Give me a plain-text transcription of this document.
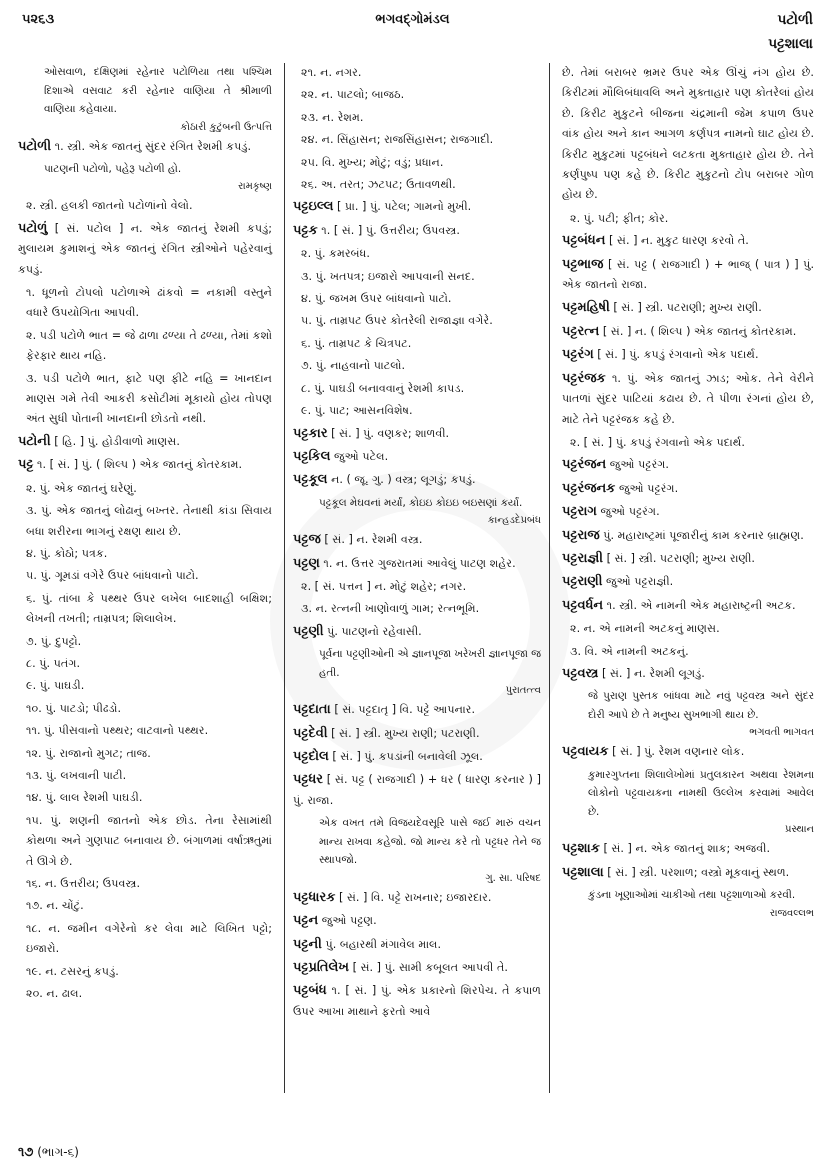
૫૨૬૩	ભગવદ્ગોમંડલ	પટોળી
પટ્ટશાલા
ઓસવાળ, દક્ષિણમાં રહેનાર પટોળિયા તથા પશ્ચિમ દિશાએ વસવાટ કરી રહેનાર વાણિયા તે શ્રીમાળી વાણિયા કહેવાયા.
કોઠારી કુટુંબની ઉત્પત્તિ
પટોળી ૧. સ્ત્રી. એક જાતનું સુંદર રંગિત રેશમી કપડું.
પાટણની પટોળો, પહેરૂ પટોળી હો.
રામકૃષ્ણ
૨. સ્ત્રી. હલકી જાતનો પટોળાંનો વેલો.
પટોળું [ સં. પટોલ ] ન. એક જાતનું રેશમી કપડું; મુલાયમ કુમાશનું એક જાતનું રંગિત સ્ત્રીઓને પહેરવાનું કપડું.
૧. ધૂળનો ટોપલો પટોળાએ ઢાંકવો = નકામી વસ્તુને વધારે ઉપયોગિતા આપવી.
૨. પડી પટોળે ભાત = જે ઢાળા ઢળ્યા તે ઢળ્યા, તેમાં કશો ફેરફાર થાય નહિ.
૩. પડી પટોળે ભાત, ફાટે પણ ફીટે નહિ = ખાનદાન માણસ ગમે તેવી આકરી કસોટીમાં મૂકાયો હોય તોપણ અંત સુધી પોતાની ખાનદાની છોડતો નથી.
પટોની [ હિ. ] પું. હોડીવાળો માણસ.
પટ્ટ ૧. [ સં. ] પું. ( શિલ્પ ) એક જાતનું કોતરકામ.
૨. પું. એક જાતનું ઘરેણું.
૩. પું. એક જાતનું લોઢાનું બખ્તર. તેનાથી કાંડા સિવાય બધા શરીરના ભાગનું રક્ષણ થાય છે.
૪. પું. કોઠો; પત્રક.
૫. પું. ગૂમડાં વગેરે ઉપર બાંધવાનો પાટો.
૬. પું. તાંબા કે પથ્થર ઉપર લખેલ બાદશાહી બક્ષિશ; લેખની તખતી; તામ્રપત્ર; શિલાલેખ.
૭. પું. દુપટ્ટો.
૮. પું. પતંગ.
૯. પું. પાઘડી.
૧૦. પું. પાટડો; પીઢડો.
૧૧. પું. પીસવાનો પથ્થર; વાટવાનો પથ્થર.
૧૨. પું. રાજાનો મુગટ; તાજ.
૧૩. પું. લખવાની પાટી.
૧૪. પું. લાલ રેશમી પાઘડી.
૧૫. પું. શણની જાતનો એક છોડ. તેના રેસામાંથી કોથળા અને ગુણપાટ બનાવાય છે. બંગાળમાં વર્ષાઋતુમાં તે ઊગે છે.
૧૬. ન. ઉત્તરીય; ઉપવસ્ત્ર.
૧૭. ન. ચોંટું.
૧૮. ન. જમીન વગેરેનો કર લેવા માટે લિખિત પટ્ટો; ઇજારો.
૧૯. ન. ટસરનું કપડું.
૨૦. ન. ઢાલ.
૨૧. ન. નગર.
૨૨. ન. પાટલો; બાજઠ.
૨૩. ન. રેશમ.
૨૪. ન. સિંહાસન; રાજસિંહાસન; રાજગાદી.
૨૫. વિ. મુખ્ય; મોટું; વડું; પ્રધાન.
૨૬. અ. તરત; ઝટપટ; ઉતાવળથી.
પટ્ટઇલ્લ [ પ્રા. ] પું. પટેલ; ગામનો મુખી.
પટ્ટક ૧. [ સં. ] પું. ઉત્તરીય; ઉપવસ્ત્ર.
૨. પું. કમરબંધ.
૩. પું. ખતપત્ર; ઇજારો આપવાની સનદ.
૪. પું. જખમ ઉપર બાંધવાનો પાટો.
૫. પું. તામ્રપટ ઉપર કોતરેલી રાજાજ્ઞા વગેરે.
૬. પું. તામ્રપટ કે ચિત્રપટ.
૭. પું. નાહવાનો પાટલો.
૮. પું. પાઘડી બનાવવાનું રેશમી કાપડ.
૯. પું. પાટ; આસનવિશેષ.
પટ્ટકાર [ સં. ] પું. વણકર; શાળવી.
પટ્ટકિલ જુઓ પટેલ.
પટ્ટકૂલ ન. ( જૂ. ગુ. ) વસ્ત્ર; લૂગડું; કપડું.
પટ્ટકૂલ મેઘવનાં મર્યાં, કોઇઇ કોઇઇ બઇસણાં કર્યાં.
કાન્હડદેપ્રબંધ
પટ્ટજ [ સં. ] ન. રેશમી વસ્ત્ર.
પટ્ટણ ૧. ન. ઉત્તર ગુજરાતમાં આવેલું પાટણ શહેર.
૨. [ સં. પત્તન ] ન. મોટું શહેર; નગર.
૩. ન. રત્નની ખાણોવાળું ગામ; રત્નભૂમિ.
પટ્ટણી પું. પાટણનો રહેવાસી.
પૂર્વના પટ્ટણીઓની એ જ્ઞાનપૂજા ખરેખરી જ્ઞાનપૂજા જ હતી.
પુરાતત્ત્વ
પટ્ટદાતા [ સં. પટ્ટદાતૃ ] વિ. પટ્ટે આપનાર.
પટ્ટદેવી [ સં. ] સ્ત્રી. મુખ્ય રાણી; પટરાણી.
પટ્ટદોલ [ સં. ] પું. કપડાંની બનાવેલી ઝૂલ.
પટ્ટધર [ સં. પટ્ટ ( રાજગાદી ) + ધર ( ધારણ કરનાર ) ] પું. રાજા.
એક વખત તમે વિજયદેવસૂરિ પાસે જઈ મારું વચન માન્ય રાખવા કહેજો. જો માન્ય કરે તો પટ્ટધર તેને જ સ્થાપજો.
ગુ. સા. પરિષદ
પટ્ટધારક [ સં. ] વિ. પટ્ટે રાખનાર; ઇજારદાર.
પટ્ટન જુઓ પટ્ટણ.
પટ્ટની પું. બહારથી મંગાવેલ માલ.
પટ્ટપ્રતિલેખ [ સં. ] પું. સામી કબૂલત આપવી તે.
પટ્ટબંધ ૧. [ સં. ] પું. એક પ્રકારનો શિરપેચ. તે કપાળ ઉપર આખા માથાને ફરતો આવે
છે. તેમાં બરાબર ભ્રમર ઉપર એક ઊંચું નંગ હોય છે. કિરીટમાં મૌલિબંધાવલિ અને મુક્તાહાર પણ કોતરેલાં હોય છે. કિરીટ મુકુટને બીજના ચંદ્રમાની જેમ કપાળ ઉપર વાંક હોય અને કાન આગળ કર્ણપત્ર નામનો ઘાટ હોય છે. કિરીટ મુકુટમાં પટ્ટબંધને લટકતા મુક્તાહાર હોય છે. તેને કર્ણપુષ્પ પણ કહે છે. કિરીટ મુકુટનો ટોપ બરાબર ગોળ હોય છે.
૨. પું. પટી; ફીત; કોર.
પટ્ટબંધન [ સં. ] ન. મુકુટ ધારણ કરવો તે.
પટ્ટભાજ [ સં. પટ્ટ ( રાજગાદી ) + ભાજ્ ( પાત્ર ) ] પું. એક જાતનો રાજા.
પટ્ટમહિષી [ સં. ] સ્ત્રી. પટરાણી; મુખ્ય રાણી.
પટ્ટરત્ન [ સં. ] ન. ( શિલ્પ ) એક જાતનું કોતરકામ.
પટ્ટરંગ [ સં. ] પું. કપડું રંગવાનો એક પદાર્થ.
પટ્ટરંજક ૧. પું. એક જાતનું ઝાડ; ઓક. તેને વેરીને પાતળાં સુંદર પાટિયાં કઢાય છે. તે પીળા રંગનાં હોય છે, માટે તેને પટ્ટરંજક કહે છે.
૨. [ સં. ] પું. કપડું રંગવાનો એક પદાર્થ.
પટ્ટરંજન જુઓ પટ્ટરંગ.
પટ્ટરંજનક જુઓ પટ્ટરંગ.
પટ્ટરાગ જુઓ પટ્ટરંગ.
પટ્ટરાજ પું. મહારાષ્ટ્રમાં પૂજારીનું કામ કરનાર બ્રાહ્મણ.
પટ્ટરાજ્ઞી [ સં. ] સ્ત્રી. પટરાણી; મુખ્ય રાણી.
પટ્ટરાણી જુઓ પટ્ટરાજ્ઞી.
પટ્ટવર્ધન ૧. સ્ત્રી. એ નામની એક મહારાષ્ટ્રની અટક.
૨. ન. એ નામની અટકનું માણસ.
૩. વિ. એ નામની અટકનું.
પટ્ટવસ્ત્ર [ સં. ] ન. રેશમી લૂગડું.
જે પુરાણ પુસ્તક બાંધવા માટે નવું પટ્ટવસ્ત્ર અને સુંદર દોરી આપે છે તે મનુષ્ય સુખભાગી થાય છે.
ભગવતી ભાગવત
પટ્ટવાયક [ સં. ] પું. રેશમ વણનાર લોક.
કુમારગુપ્તના શિલાલેખોમાં પ્રતુલકારન અથવા રેશમના લોકોનો પટ્ટવાયકના નામથી ઉલ્લેખ કરવામાં આવેલ છે.
પ્રસ્થાન
પટ્ટશાક [ સં. ] ન. એક જાતનું શાક; અજવી.
પટ્ટશાલા [ સં. ] સ્ત્રી. પરશાળ; વસ્ત્રો મૂકવાનું સ્થળ.
કુંડના ખૂણાઓમાં ચાકીઓ તથા પટ્ટશાળાઓ કરવી.
રાજવલ્લભ
૧૭ (ભાગ-૬)
